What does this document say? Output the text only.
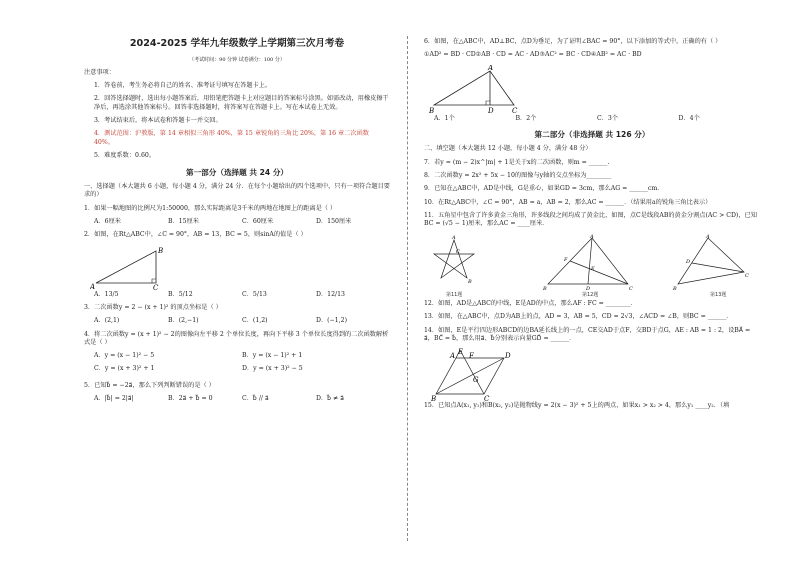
2024-2025 学年九年级数学上学期第三次月考卷
（考试时间：90 分钟 试卷满分：100 分）
注意事项：
1．答卷前，考生务必将自己的姓名、准考证号填写在答题卡上。
2．回答选择题时，选出每小题答案后，用铅笔把答题卡上对应题目的答案标号涂黑。如需改动，用橡皮擦干净后，再选涂其他答案标号。回答非选择题时，将答案写在答题卡上。写在本试卷上无效。
3．考试结束后，将本试卷和答题卡一并交回。
4．测试范围：沪教版，第 14 章相似三角形 40%，第 15 章锐角的三角比 20%，第 16 章二次函数 40%。
5．难度系数：0.60。
第一部分（选择题 共 24 分）
一、选择题（本大题共 6 小题，每小题 4 分，满分 24 分．在每个小题给出的四个选项中，只有一项符合题目要求的）
1．如果一幅地图的比例尺为1:50000，那么实际距离是3千米的两地在地图上的距离是（ ）
A．6厘米	B．15厘米	C．60厘米	D．150厘米
2．如图，在Rt△ABC中，∠C = 90°，AB = 13，BC = 5，则sinA的值是（ ）
A
B
C
A．13/5	B．5/12	C．5/13	D．12/13
3．二次函数y = 2 − (x + 1)² 的顶点坐标是（ ）
A．(2,1)	B．(2,−1)	C．(1,2)	D．(−1,2)
4．将二次函数y = (x + 1)² − 2的图像向左平移 2 个单位长度，再向下平移 3 个单位长度得到的二次函数解析式是（ ）
A．y = (x − 1)² − 5	B．y = (x − 1)² + 1
C．y = (x + 3)² + 1	D．y = (x + 3)² − 5
5．已知b⃗ = −2a⃗，那么下列判断错误的是（ ）
A．|b⃗| = 2|a⃗|	B．2a⃗ + b⃗ = 0	C．b⃗ // a⃗	D．b⃗ ≠ a⃗
6．如图，在△ABC中，AD⊥BC，点D为垂足，为了证明∠BAC = 90°，以下添加的等式中，正确的有（ ）
①AD² = BD · CD②AB · CD = AC · AD③AC² = BC · CD④AB² = AC · BD
A
B	D	C
A．1个	B．2个	C．3个	D．4个
第二部分（非选择题 共 126 分）
二、填空题（本大题共 12 小题，每小题 4 分，满分 48 分）
7．若y = (m − 2)x^|m| + 1是关于x的二次函数，则m = ______.
8．二次函数y = 2x² + 5x − 10的图像与y轴的交点坐标为________
9．已知在△ABC中，AD是中线，G是重心，如果GD = 3cm，那么AG = ______cm．
10．在Rt△ABC中，∠C = 90°，AB = a，AB = 2，那么AC = ______．（结果用a的锐角三角比表示）
11．五角星中包含了许多黄金三角形，许多线段之间均成了黄金比，如图，点C是线段AB的黄金分割点(AC > CD)，已知BC = (√5 − 1)厘米，那么AC = ____厘米．
A
C
B
第11题
A
B	C
D
E
F
第12题
A
B
C
D
第13题
12．如图，AD是△ABC的中线，E是AD的中点，那么AF : FC = ________．
13．如图，在△ABC中，点D为AB上的点，AD = 3，AB = 5，CD = 2√3，∠ACD = ∠B，则BC = ______．
14．如图，E是平行四边形ABCD的边BA延长线上的一点，CE交AD于点F，交BD于点G，AE : AB = 1 : 2，设BA⃗ = a⃗，BC⃗ = b⃗，那么用a⃗、b⃗分别表示向量GD⃗ = ______．
A
B	C
D
E F
G
15．已知点A(x₁, y₁)和B(x₂, y₂)是抛物线y = 2(x − 3)² + 5上的两点，如果x₁ > x₂ > 4，那么y₁ ____y₂．（填
